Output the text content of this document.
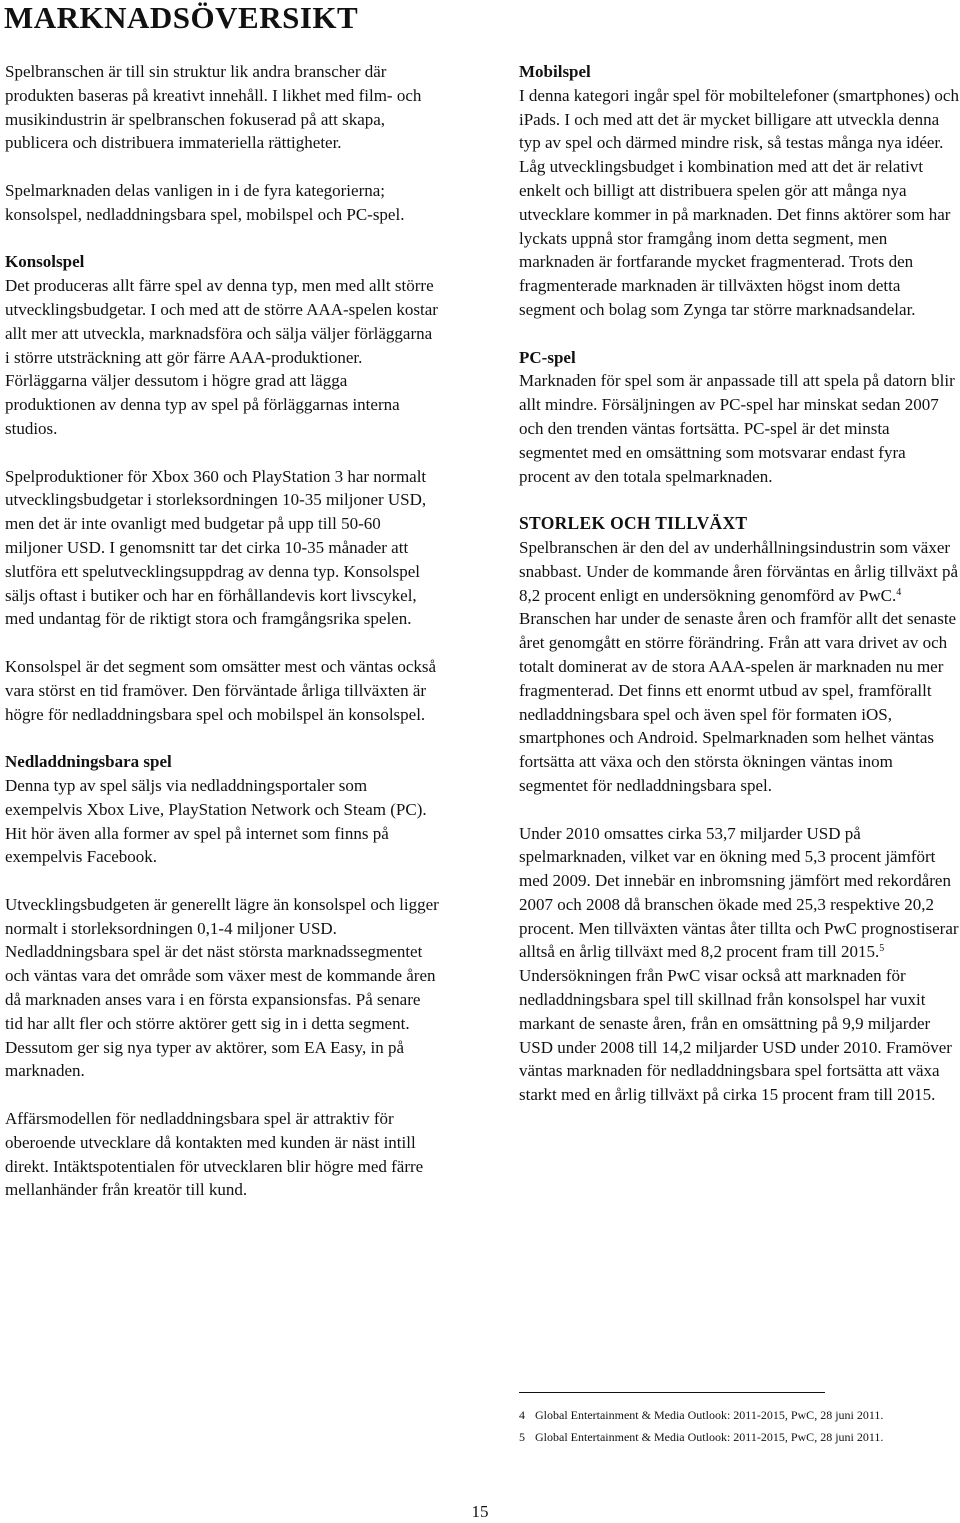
MARKNADSÖVERSIKT

Spelbranschen är till sin struktur lik andra branscher där produkten baseras på kreativt innehåll. I likhet med film- och musikindustrin är spelbranschen fokuserad på att skapa, publicera och distribuera immateriella rättigheter.

Spelmarknaden delas vanligen in i de fyra kategorierna; konsolspel, nedladdningsbara spel, mobilspel och PC-spel.

Konsolspel

Det produceras allt färre spel av denna typ, men med allt större utvecklingsbudgetar. I och med att de större AAA-spelen kostar allt mer att utveckla, marknadsföra och sälja väljer förläggarna i större utsträckning att gör färre AAA-produktioner. Förläggarna väljer dessutom i högre grad att lägga produktionen av denna typ av spel på förläggarnas interna studios.

Spelproduktioner för Xbox 360 och PlayStation 3 har normalt utvecklingsbudgetar i storleksordningen 10-35 miljoner USD, men det är inte ovanligt med budgetar på upp till 50-60 miljoner USD. I genomsnitt tar det cirka 10-35 månader att slutföra ett spelutvecklingsuppdrag av denna typ. Konsolspel säljs oftast i butiker och har en förhållandevis kort livscykel, med undantag för de riktigt stora och framgångsrika spelen.

Konsolspel är det segment som omsätter mest och väntas också vara störst en tid framöver. Den förväntade årliga tillväxten är högre för nedladdningsbara spel och mobilspel än konsolspel.

Nedladdningsbara spel

Denna typ av spel säljs via nedladdningsportaler som exempelvis Xbox Live, PlayStation Network och Steam (PC). Hit hör även alla former av spel på internet som finns på exempelvis Facebook.

Utvecklingsbudgeten är generellt lägre än konsolspel och ligger normalt i storleksordningen 0,1-4 miljoner USD. Nedladdningsbara spel är det näst största marknadssegmentet och väntas vara det område som växer mest de kommande åren då marknaden anses vara i en första expansionsfas. På senare tid har allt fler och större aktörer gett sig in i detta segment. Dessutom ger sig nya typer av aktörer, som EA Easy, in på marknaden.

Affärsmodellen för nedladdningsbara spel är attraktiv för oberoende utvecklare då kontakten med kunden är näst intill direkt. Intäktspotentialen för utvecklaren blir högre med färre mellanhänder från kreatör till kund.

Mobilspel

I denna kategori ingår spel för mobiltelefoner (smartphones) och iPads. I och med att det är mycket billigare att utveckla denna typ av spel och därmed mindre risk, så testas många nya idéer. Låg utvecklingsbudget i kombination med att det är relativt enkelt och billigt att distribuera spelen gör att många nya utvecklare kommer in på marknaden. Det finns aktörer som har lyckats uppnå stor framgång inom detta segment, men marknaden är fortfarande mycket fragmenterad. Trots den fragmenterade marknaden är tillväxten högst inom detta segment och bolag som Zynga tar större marknadsandelar.

PC-spel

Marknaden för spel som är anpassade till att spela på datorn blir allt mindre. Försäljningen av PC-spel har minskat sedan 2007 och den trenden väntas fortsätta. PC-spel är det minsta segmentet med en omsättning som motsvarar endast fyra procent av den totala spelmarknaden.

STORLEK OCH TILLVÄXT

Spelbranschen är den del av underhållningsindustrin som växer snabbast. Under de kommande åren förväntas en årlig tillväxt på 8,2 procent enligt en undersökning genomförd av PwC.$^4$ Branschen har under de senaste åren och framför allt det senaste året genomgått en större förändring. Från att vara drivet av och totalt dominerat av de stora AAA-spelen är marknaden nu mer fragmenterad. Det finns ett enormt utbud av spel, framförallt nedladdningsbara spel och även spel för formaten iOS, smartphones och Android. Spelmarknaden som helhet väntas fortsätta att växa och den största ökningen väntas inom segmentet för nedladdningsbara spel.

Under 2010 omsattes cirka 53,7 miljarder USD på spelmarknaden, vilket var en ökning med 5,3 procent jämfört med 2009. Det innebär en inbromsning jämfört med rekordåren 2007 och 2008 då branschen ökade med 25,3 respektive 20,2 procent. Men tillväxten väntas åter tillta och PwC prognostiserar alltså en årlig tillväxt med 8,2 procent fram till 2015.$^5$ Undersökningen från PwC visar också att marknaden för nedladdningsbara spel till skillnad från konsolspel har vuxit markant de senaste åren, från en omsättning på 9,9 miljarder USD under 2008 till 14,2 miljarder USD under 2010. Framöver väntas marknaden för nedladdningsbara spel fortsätta att växa starkt med en årlig tillväxt på cirka 15 procent fram till 2015.

4 Global Entertainment & Media Outlook: 2011-2015, PwC, 28 juni 2011.
5 Global Entertainment & Media Outlook: 2011-2015, PwC, 28 juni 2011.
15
